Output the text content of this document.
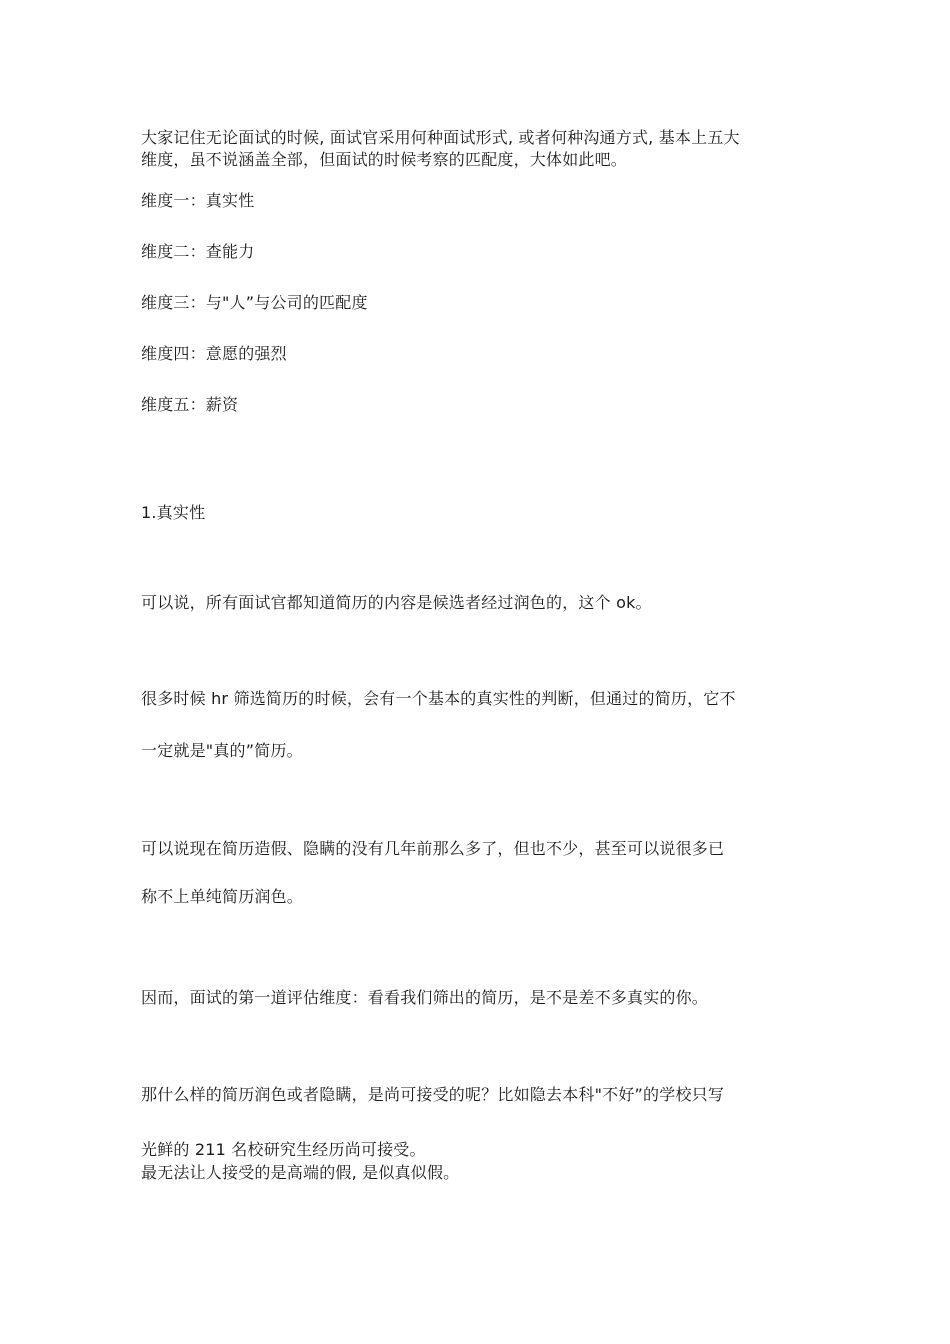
大家记住无论面试的时候, 面试官采用何种面试形式, 或者何种沟通方式, 基本上五大
维度，虽不说涵盖全部，但面试的时候考察的匹配度，大体如此吧。
维度一：真实性
维度二：查能力
维度三：与"人”与公司的匹配度
维度四：意愿的强烈
维度五：薪资
1.真实性
可以说，所有面试官都知道简历的内容是候选者经过润色的，这个 ok。
很多时候 hr 筛选简历的时候，会有一个基本的真实性的判断，但通过的简历，它不
一定就是"真的”简历。
可以说现在简历造假、隐瞒的没有几年前那么多了，但也不少，甚至可以说很多已
称不上单纯简历润色。
因而，面试的第一道评估维度：看看我们筛出的简历，是不是差不多真实的你。
那什么样的简历润色或者隐瞒，是尚可接受的呢？比如隐去本科"不好”的学校只写
光鲜的 211 名校研究生经历尚可接受。
最无法让人接受的是高端的假, 是似真似假。
